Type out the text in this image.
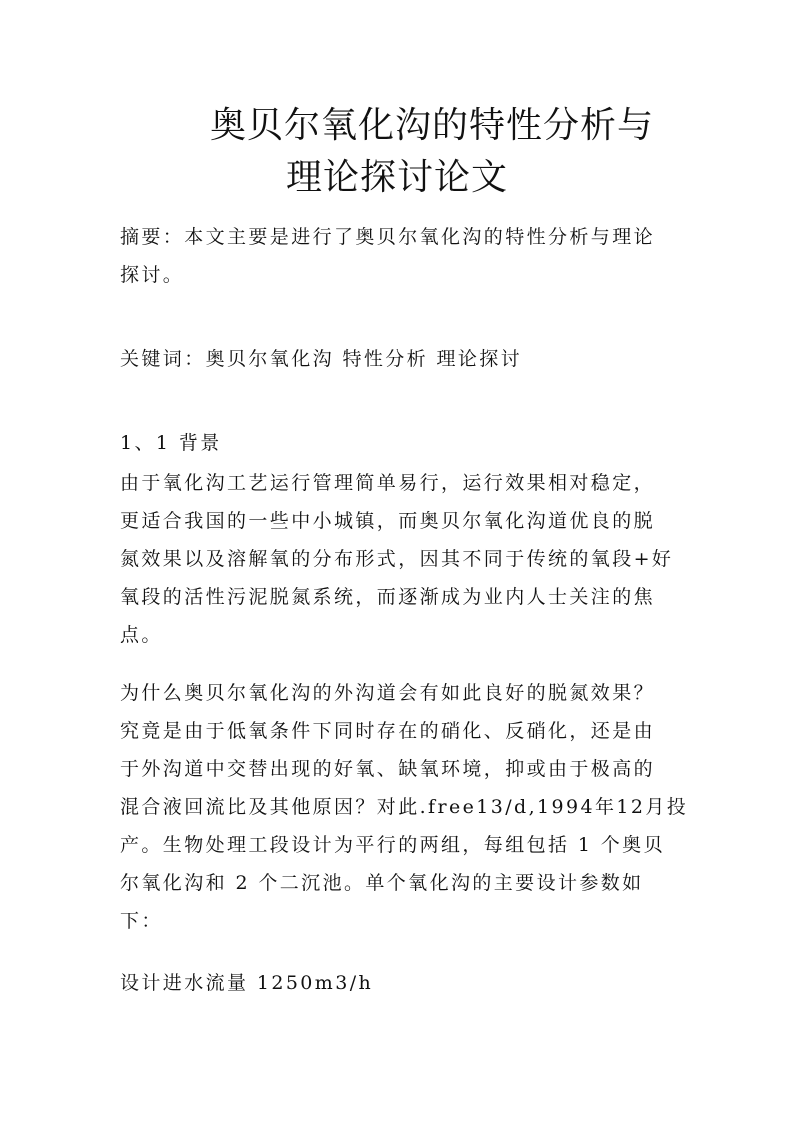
奥贝尔氧化沟的特性分析与
理论探讨论文
摘要：本文主要是进行了奥贝尔氧化沟的特性分析与理论
探讨。
关键词：奥贝尔氧化沟 特性分析 理论探讨
1、1 背景
由于氧化沟工艺运行管理简单易行，运行效果相对稳定，
更适合我国的一些中小城镇，而奥贝尔氧化沟道优良的脱
氮效果以及溶解氧的分布形式，因其不同于传统的氧段+好
氧段的活性污泥脱氮系统，而逐渐成为业内人士关注的焦
点。
为什么奥贝尔氧化沟的外沟道会有如此良好的脱氮效果？
究竟是由于低氧条件下同时存在的硝化、反硝化，还是由
于外沟道中交替出现的好氧、缺氧环境，抑或由于极高的
混合液回流比及其他原因？对此.free13/d,1994年12月投
产。生物处理工段设计为平行的两组，每组包括 1 个奥贝
尔氧化沟和 2 个二沉池。单个氧化沟的主要设计参数如
下：
设计进水流量 1250m3/h
